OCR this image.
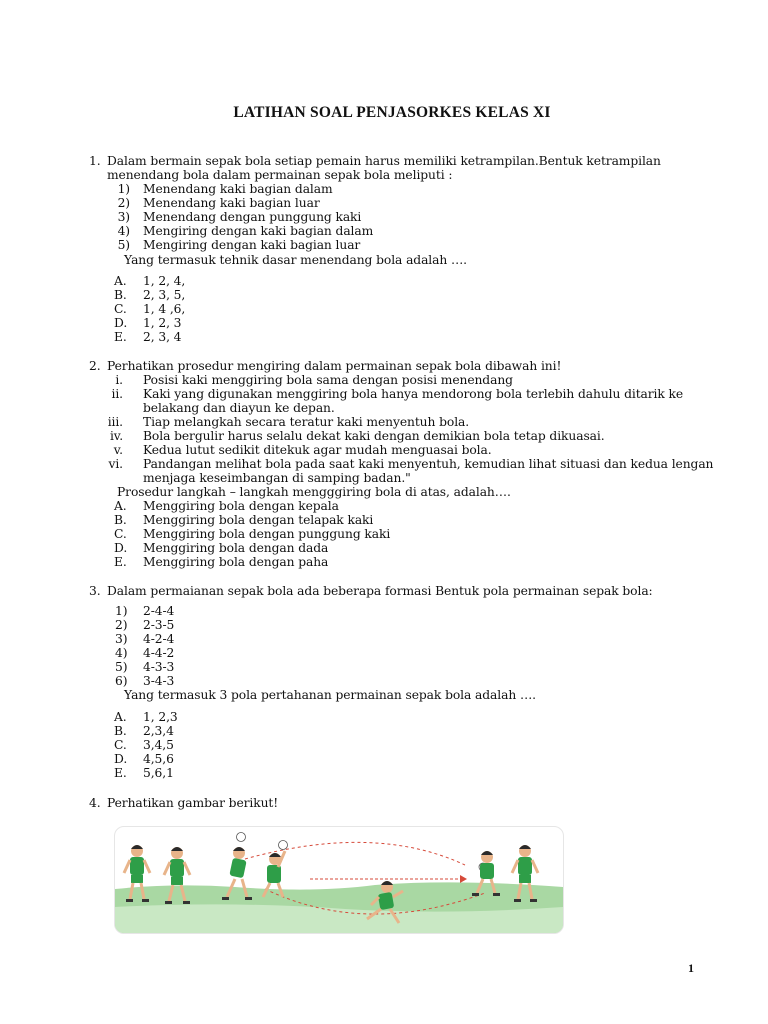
LATIHAN SOAL PENJASORKES KELAS XI
1. Dalam bermain sepak bola setiap pemain harus memiliki ketrampilan.Bentuk ketrampilan
menendang bola dalam permainan sepak bola meliputi :
1) Menendang kaki bagian dalam
2) Menendang kaki bagian luar
3) Menendang dengan punggung kaki
4) Mengiring dengan kaki bagian dalam
5) Mengiring dengan kaki bagian luar
Yang termasuk tehnik dasar menendang bola adalah ….
A. 1, 2, 4,
B. 2, 3, 5,
C. 1, 4 ,6,
D. 1, 2, 3
E. 2, 3, 4
2. Perhatikan prosedur mengiring dalam permainan sepak bola dibawah ini!
i. Posisi kaki menggiring bola sama dengan posisi menendang
ii. Kaki yang digunakan menggiring bola hanya mendorong bola terlebih dahulu ditarik ke
belakang dan diayun ke depan.
iii. Tiap melangkah secara teratur kaki menyentuh bola.
iv. Bola bergulir harus selalu dekat kaki dengan demikian bola tetap dikuasai.
v. Kedua lutut sedikit ditekuk agar mudah menguasai bola.
vi. Pandangan melihat bola pada saat kaki menyentuh, kemudian lihat situasi dan kedua lengan
menjaga keseimbangan di samping badan."
Prosedur langkah – langkah mengggiring bola di atas, adalah….
A. Menggiring bola dengan kepala
B. Menggiring bola dengan telapak kaki
C. Menggiring bola dengan punggung kaki
D. Menggiring bola dengan dada
E. Menggiring bola dengan paha
3. Dalam permaianan sepak bola ada beberapa formasi Bentuk pola permainan sepak bola:
1) 2-4-4
2) 2-3-5
3) 4-2-4
4) 4-4-2
5) 4-3-3
6) 3-4-3
Yang termasuk 3 pola pertahanan permainan sepak bola adalah ….
A. 1, 2,3
B. 2,3,4
C. 3,4,5
D. 4,5,6
E. 5,6,1
4. Perhatikan gambar berikut!
1
